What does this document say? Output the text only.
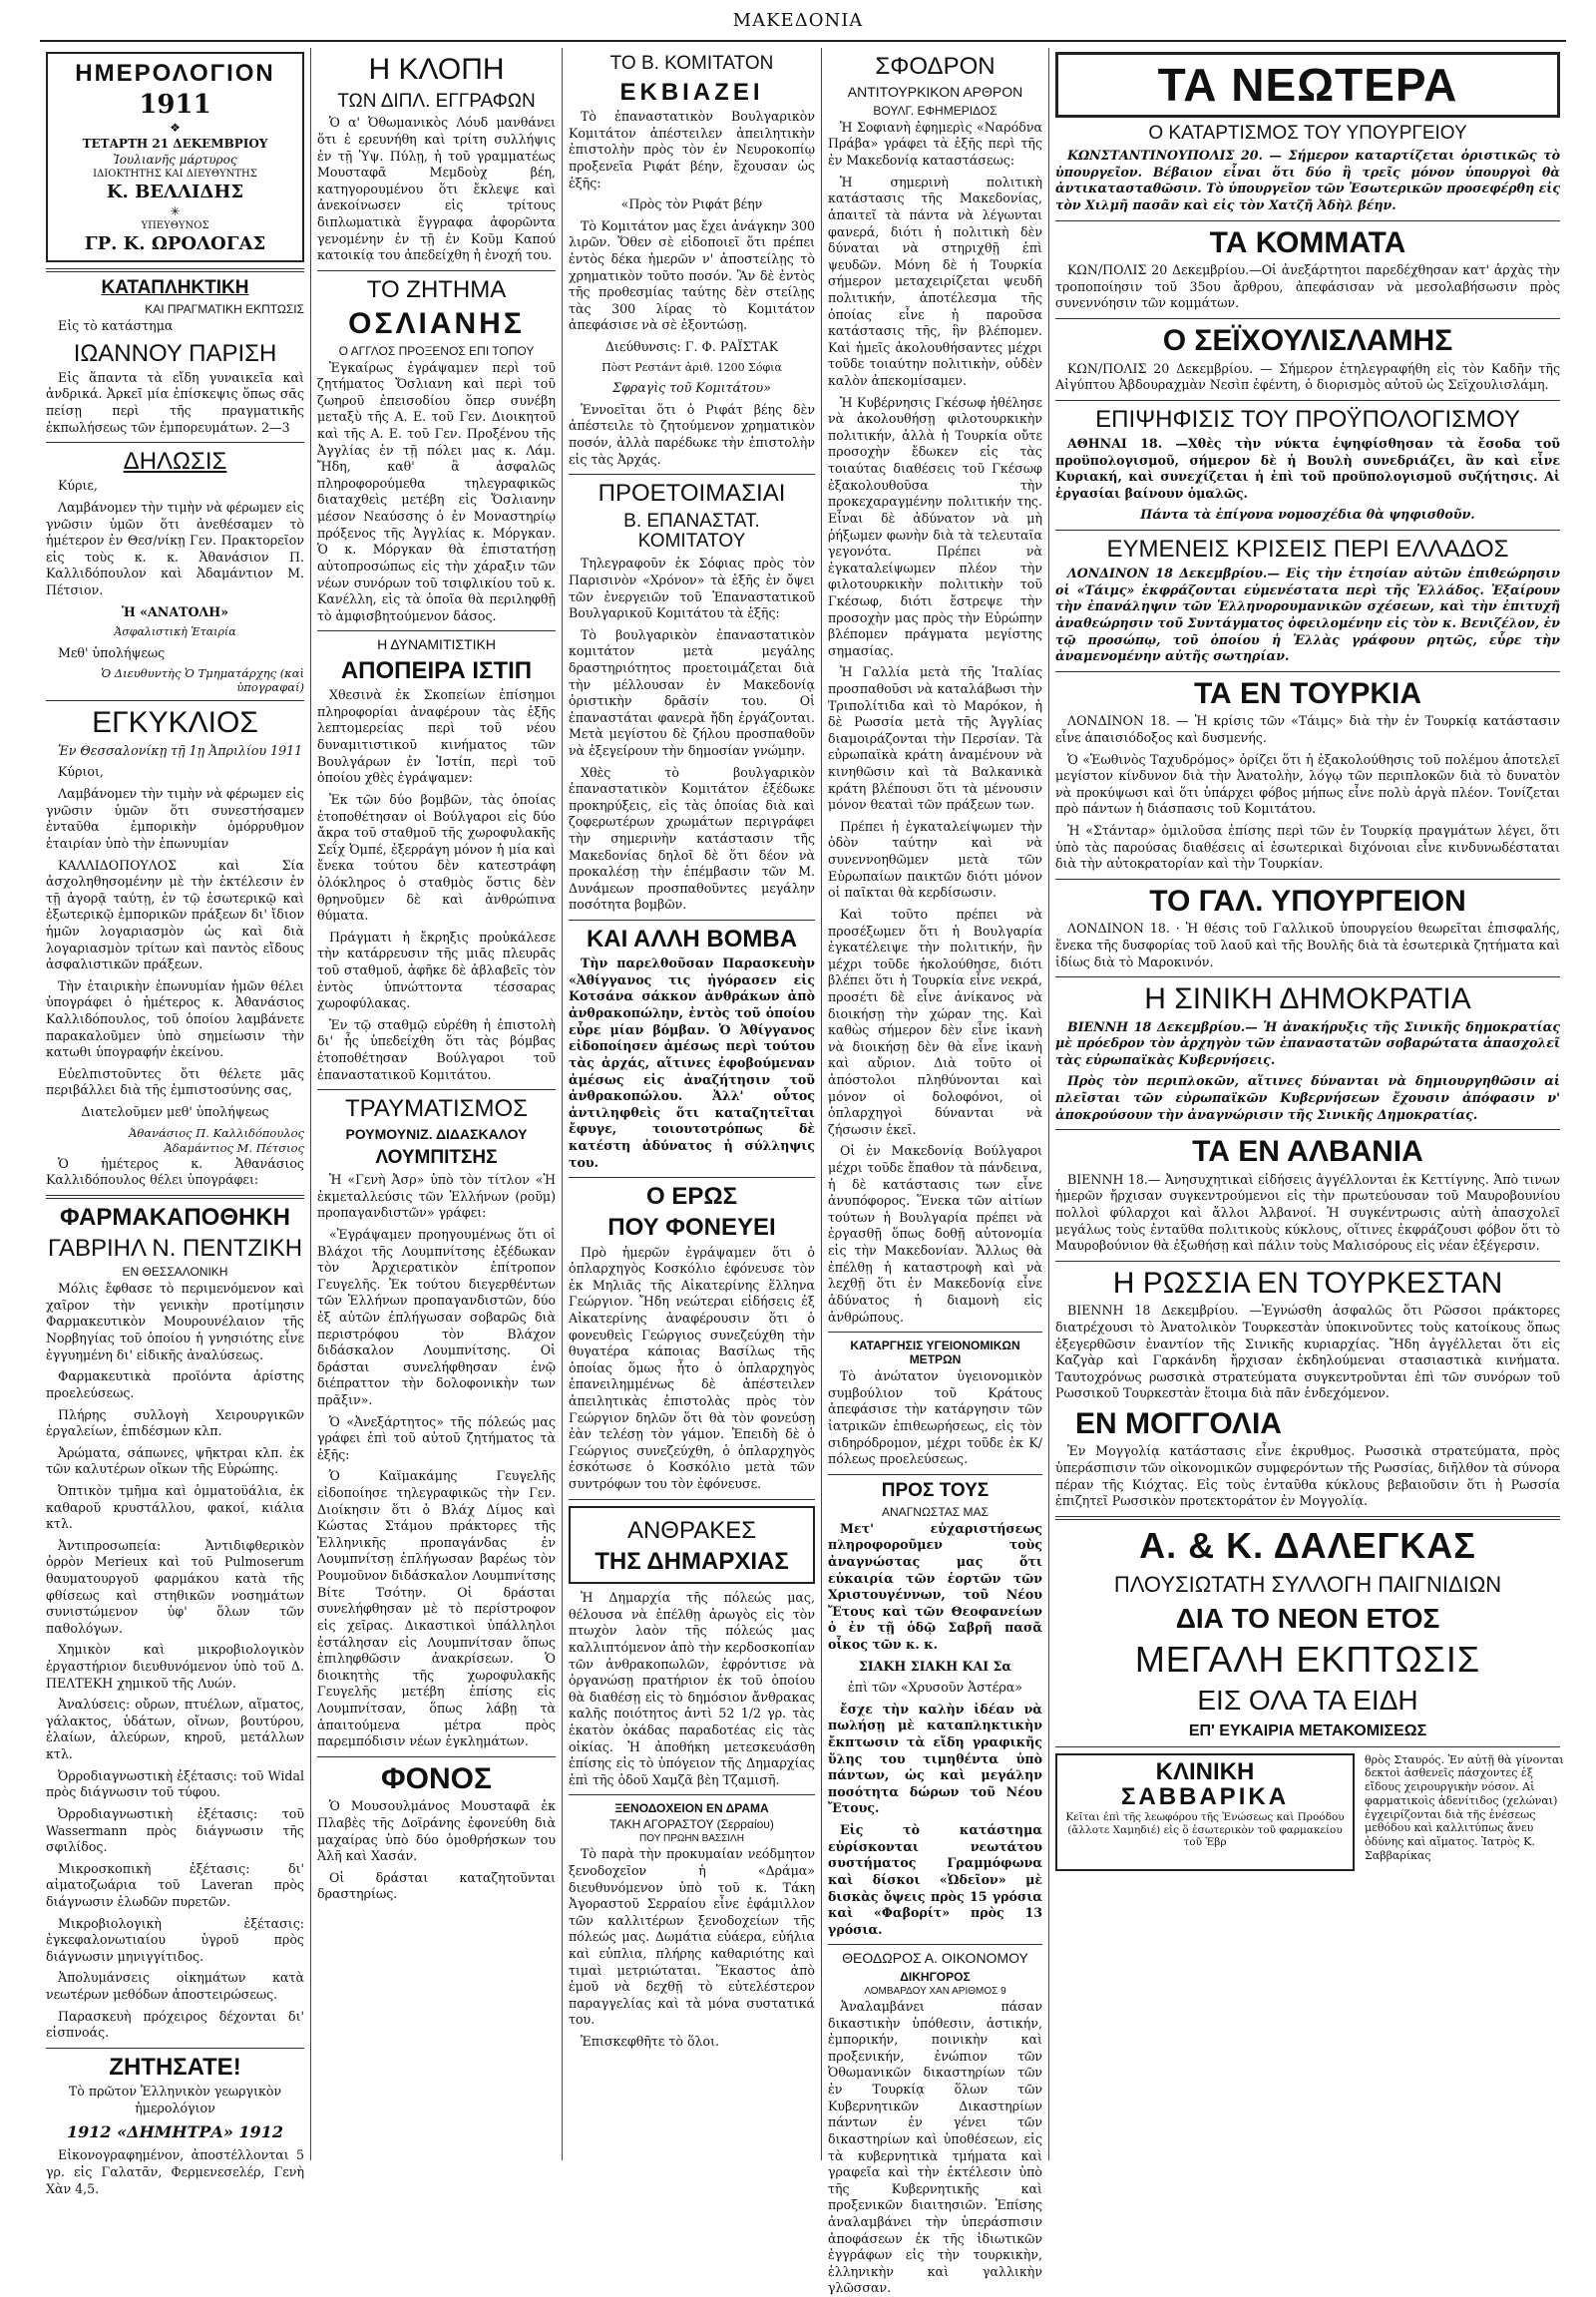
ΜΑΚΕΔΟΝΙΑ
ΗΜΕΡΟΛΟΓΙΟΝ
1911
❖
ΤΕΤΑΡΤΗ 21 ΔΕΚΕΜΒΡΙΟΥ
Ἰουλιανῆς μάρτυρος
ΙΔΙΟΚΤΗΤΗΣ ΚΑΙ ΔΙΕΥΘΥΝΤΗΣ
Κ. ΒΕΛΛΙΔΗΣ
✳
ΥΠΕΥΘΥΝΟΣ
ΓΡ. Κ. ΩΡΟΛΟΓΑΣ
ΚΑΤΑΠΛΗΚΤΙΚΗ
ΚΑΙ ΠΡΑΓΜΑΤΙΚΗ ΕΚΠΤΩΣΙΣ
Εἰς τὸ κατάστημα
ΙΩΑΝΝΟΥ ΠΑΡΙΣΗ
Εἰς ἅπαντα τὰ εἴδη γυναικεῖα καὶ ἀνδρικά. Ἀρκεῖ μία ἐπίσκεψις ὅπως σᾶς πείσῃ περὶ τῆς πραγματικῆς ἐκπωλήσεως τῶν ἐμπορευμάτων. 2—3
ΔΗΛΩΣΙΣ
Κύριε,
Λαμβάνομεν τὴν τιμὴν νὰ φέρωμεν εἰς γνῶσιν ὑμῶν ὅτι ἀνεθέσαμεν τὸ ἡμέτερον ἐν Θεσ/νίκῃ Γεν. Πρακτορεῖον εἰς τοὺς κ. κ. Ἀθανάσιον Π. Καλλιδόπουλον καὶ Ἀδαμάντιον Μ. Πέτσιον.
Ἡ «ΑΝΑΤΟΛΗ»
Ἀσφαλιστικὴ Ἑταιρία
Μεθ' ὑπολήψεως
Ὁ Διευθυντὴς Ὁ Τμηματάρχης (καὶ ὑπογραφαί)
ΕΓΚΥΚΛΙΟΣ
Ἐν Θεσσαλονίκῃ τῇ 1ῃ Ἀπριλίου 1911
Κύριοι,
Λαμβάνομεν τὴν τιμὴν νὰ φέρωμεν εἰς γνῶσιν ὑμῶν ὅτι συνεστήσαμεν ἐνταῦθα ἐμπορικὴν ὁμόρρυθμον ἑταιρίαν ὑπὸ τὴν ἐπωνυμίαν
ΚΑΛΛΙΔΟΠΟΥΛΟΣ καὶ Σία ἀσχοληθησομένην μὲ τὴν ἐκτέλεσιν ἐν τῇ ἀγορᾷ ταύτῃ, ἐν τῷ ἐσωτερικῷ καὶ ἐξωτερικῷ ἐμπορικῶν πράξεων δι' ἴδιον ἡμῶν λογαριασμὸν ὡς καὶ διὰ λογαριασμὸν τρίτων καὶ παντὸς εἴδους ἀσφαλιστικῶν πράξεων.
Τὴν ἑταιρικὴν ἐπωνυμίαν ἡμῶν θέλει ὑπογράφει ὁ ἡμέτερος κ. Ἀθανάσιος Καλλιδόπουλος, τοῦ ὁποίου λαμβάνετε παρακαλοῦμεν ὑπὸ σημείωσιν τὴν κατωθι ὑπογραφήν ἐκείνου.
Εὐελπιστοῦντες ὅτι θέλετε μᾶς περιβάλλει διὰ τῆς ἐμπιστοσύνης σας,
Διατελοῦμεν μεθ' ὑπολήψεως
Ἀθανάσιος Π. Καλλιδόπουλος
Ἀδαμάντιος Μ. Πέτσιος
Ὁ ἡμέτερος κ. Ἀθανάσιος Καλλιδόπουλος θέλει ὑπογράφει:
ΦΑΡΜΑΚΑΠΟΘΗΚΗ
ΓΑΒΡΙΗΛ Ν. ΠΕΝΤΖΙΚΗ
ΕΝ ΘΕΣΣΑΛΟΝΙΚΗ
Μόλις ἔφθασε τὸ περιμενόμενον καὶ χαῖρον τὴν γενικὴν προτίμησιν Φαρμακευτικὸν Μουρουνέλαιον τῆς Νορβηγίας τοῦ ὁποίου ἡ γνησιότης εἶνε ἐγγυημένη δι' εἰδικῆς ἀναλύσεως.
Φαρμακευτικὰ προϊόντα ἀρίστης προελεύσεως.
Πλήρης συλλογὴ Χειρουργικῶν ἐργαλείων, ἐπιδέσμων κλπ.
Ἀρώματα, σάπωνες, ψῆκτραι κλπ. ἐκ τῶν καλυτέρων οἴκων τῆς Εὐρώπης.
Ὀπτικὸν τμῆμα καὶ ὁμματοϋάλια, ἐκ καθαροῦ κρυστάλλου, φακοί, κιάλια κτλ.
Ἀντιπροσωπεία: Ἀντιδιφθερικὸν ὀρρὸν Merieux καὶ τοῦ Pulmoserum θαυματουργοῦ φαρμάκου κατὰ τῆς φθίσεως καὶ στηθικῶν νοσημάτων συνιστώμενον ὑφ' ὅλων τῶν παθολόγων.
Χημικὸν καὶ μικροβιολογικὸν ἐργαστήριον διευθυνόμενον ὑπὸ τοῦ Δ. ΠΕΛΤΕΚΗ χημικοῦ τῆς Λυών.
Ἀναλύσεις: οὔρων, πτυέλων, αἵματος, γάλακτος, ὑδάτων, οἴνων, βουτύρου, ἐλαίων, ἀλεύρων, κηροῦ, μετάλλων κτλ.
Ὀρροδιαγνωστικὴ ἐξέτασις: τοῦ Widal πρὸς διάγνωσιν τοῦ τύφου.
Ὀρροδιαγνωστικὴ ἐξέτασις: τοῦ Wassermann πρὸς διάγνωσιν τῆς σφιλίδος.
Μικροσκοπικὴ ἐξέτασις: δι' αἱματοζωάρια τοῦ Laveran πρὸς διάγνωσιν ἑλωδῶν πυρετῶν.
Μικροβιολογικὴ ἐξέτασις: ἐγκεφαλονωτιαίου ὑγροῦ πρὸς διάγνωσιν μηνιγγίτιδος.
Ἀπολυμάνσεις οἰκημάτων κατὰ νεωτέρων μεθόδων ἀποστειρώσεως.
Παρασκευὴ πρόχειρος δέχονται δι' εἰσπνοάς.
ΖΗΤΗΣΑΤΕ!
Τὸ πρῶτον Ἑλληνικὸν γεωργικὸν ἡμερολόγιον
1912 «ΔΗΜΗΤΡΑ» 1912
Εἰκονογραφημένον, ἀποστέλλονται 5 γρ. εἰς Γαλατᾶν, Φερμενεσελέρ, Γενὴ Χὰν 4,5.
Η ΚΛΟΠΗ
ΤΩΝ ΔΙΠΛ. ΕΓΓΡΑΦΩΝ
Ὁ α' Ὀθωμανικὸς Λόυδ μανθάνει ὅτι ἐ ερευνήθη καὶ τρίτη συλλήψις ἐν τῇ Ὑψ. Πύλῃ, ἡ τοῦ γραμματέως Μουσταφᾶ Μεμδοὺχ βέη, κατηγορουμένου ὅτι ἔκλεψε καὶ ἀνεκοίνωσεν εἰς τρίτους διπλωματικὰ ἔγγραφα ἀφορῶντα γενομένην ἐν τῇ ἐν Κοῦμ Καπού κατοικίᾳ του ἀπεδείχθη ἡ ἐνοχή του.
ΤΟ ΖΗΤΗΜΑ
ΟΣΛΙΑΝΗΣ
Ο ΑΓΓΛΟΣ ΠΡΟΞΕΝΟΣ ΕΠΙ ΤΟΠΟΥ
Ἐγκαίρως ἐγράψαμεν περὶ τοῦ ζητήματος Ὄσλιανη καὶ περὶ τοῦ ζωηροῦ ἐπεισοδίου ὅπερ συνέβη μεταξὺ τῆς Α. Ε. τοῦ Γεν. Διοικητοῦ καὶ τῆς Α. Ε. τοῦ Γεν. Προξένου τῆς Ἀγγλίας ἐν τῇ πόλει μας κ. Λάμ. Ἤδη, καθ' ἃ ἀσφαλῶς πληροφορούμεθα τηλεγραφικῶς διαταχθεὶς μετέβη εἰς Ὄσλιανην μέσον Νεαύσσης ὁ ἐν Μοναστηρίῳ πρόξενος τῆς Ἀγγλίας κ. Μόργκαν. Ὁ κ. Μόργκαν θὰ ἐπιστατήσῃ αὐτοπροσώπως εἰς τὴν χάραξιν τῶν νέων συνόρων τοῦ τσιφλικίου τοῦ κ. Κανέλλη, εἰς τὰ ὁποῖα θὰ περιληφθῇ τὸ ἀμφισβητούμενον δάσος.
Η ΔΥΝΑΜΙΤΙΣΤΙΚΗ
ΑΠΟΠΕΙΡΑ ΙΣΤΙΠ
Χθεσινὰ ἐκ Σκοπείων ἐπίσημοι πληροφορίαι ἀναφέρουν τὰς ἑξῆς λεπτομερείας περὶ τοῦ νέου δυναμιτιστικοῦ κινήματος τῶν Βουλγάρων ἐν Ἰστίπ, περὶ τοῦ ὁποίου χθὲς ἐγράψαμεν:
Ἐκ τῶν δύο βομβῶν, τὰς ὁποίας ἐτοποθέτησαν οἱ Βούλγαροι εἰς δύο ἄκρα τοῦ σταθμοῦ τῆς χωροφυλακῆς Σεΐχ Ὀμπέ, ἐξερράγη μόνον ἡ μία καὶ ἔνεκα τούτου δὲν κατεστράφη ὁλόκληρος ὁ σταθμὸς ὅστις δὲν θρηνοῦμεν δὲ καὶ ἀνθρώπινα θύματα.
Πράγματι ἡ ἔκρηξις προὐκάλεσε τὴν κατάρρευσιν τῆς μιᾶς πλευρᾶς τοῦ σταθμοῦ, ἀφῆκε δὲ ἀβλαβεῖς τὸν ἐντὸς ὑπνώττοντα τέσσαρας χωροφύλακας.
Ἐν τῷ σταθμῷ εὑρέθη ἡ ἐπιστολὴ δι' ἧς ὑπεδείχθη ὅτι τὰς βόμβας ἐτοποθέτησαν Βούλγαροι τοῦ ἐπαναστατικοῦ Κομιτάτου.
ΤΡΑΥΜΑΤΙΣΜΟΣ
ΡΟΥΜΟΥΝΙΖ. ΔΙΔΑΣΚΑΛΟΥ
ΛΟΥΜΠΙΤΣΗΣ
Ἡ «Γενὴ Ἀσρ» ὑπὸ τὸν τίτλον «Ἡ ἐκμεταλλεύσις τῶν Ἑλλήνων (ροῦμ) προπαγανδιστῶν» γράφει:
«Ἐγράψαμεν προηγουμένως ὅτι οἱ Βλάχοι τῆς Λουμπνίτσης ἐξέδωκαν τὸν Ἀρχιερατικὸν ἐπίτροπον Γευγελῆς. Ἐκ τούτου διεγερθέντων τῶν Ἑλλήνων προπαγανδιστῶν, δύο ἐξ αὐτῶν ἐπλήγωσαν σοβαρῶς διὰ περιστρόφου τὸν Βλάχον διδάσκαλον Λουμπνίτσης. Οἱ δράσται συνελήφθησαν ἐνῷ διέπραττον τὴν δολοφονικὴν των πρᾶξιν».
Ὁ «Ἀνεξάρτητος» τῆς πόλεώς μας γράφει ἐπὶ τοῦ αὐτοῦ ζητήματος τὰ ἑξῆς:
Ὁ Καϊμακάμης Γευγελῆς εἰδοποίησε τηλεγραφικῶς τὴν Γεν. Διοίκησιν ὅτι ὁ Βλάχ Δίμος καὶ Κώστας Στάμου πράκτορες τῆς Ἑλληνικῆς προπαγάνδας ἐν Λουμπνίτσῃ ἐπλήγωσαν βαρέως τὸν Ρουμοῦνον διδάσκαλον Λουμπνίτσης Βίτε Τσότην. Οἱ δράσται συνελήφθησαν μὲ τὸ περίστροφον εἰς χεῖρας. Δικαστικοὶ ὑπάλληλοι ἐστάλησαν εἰς Λουμπνίτσαν ὅπως ἐπιληφθῶσιν ἀνακρίσεων. Ὁ διοικητὴς τῆς χωροφυλακῆς Γευγελῆς μετέβη ἐπίσης εἰς Λουμπνίτσαν, ὅπως λάβῃ τὰ ἀπαιτούμενα μέτρα πρὸς παρεμπόδισιν νέων ἐγκλημάτων.
ΦΟΝΟΣ
Ὁ Μουσουλμάνος Μουσταφᾶ ἐκ Πλαβὲς τῆς Δοϊράνης ἐφονεύθη διὰ μαχαίρας ὑπὸ δύο ὁμοθρήσκων του Ἀλῆ καὶ Χασάν.
Οἱ δράσται καταζητοῦνται δραστηρίως.
ΤΟ Β. ΚΟΜΙΤΑΤΟΝ
ΕΚΒΙΑΖΕΙ
Τὸ ἐπαναστατικὸν Βουλγαρικὸν Κομιτάτον ἀπέστειλεν ἀπειλητικὴν ἐπιστολὴν πρὸς τὸν ἐν Νευροκοπίῳ προξενεῖα Ριφάτ βέην, ἔχουσαν ὡς ἑξῆς:
«Πρὸς τὸν Ριφάτ βέην
Τὸ Κομιτάτον μας ἔχει ἀνάγκην 300 λιρῶν. Ὅθεν σὲ εἰδοποιεῖ ὅτι πρέπει ἐντὸς δέκα ἡμερῶν ν' ἀποστείλῃς τὸ χρηματικὸν τοῦτο ποσόν. Ἂν δὲ ἐντὸς τῆς προθεσμίας ταύτης δὲν στείλῃς τὰς 300 λίρας τὸ Κομιτάτον ἀπεφάσισε νὰ σὲ ἐξοντώσῃ.
Διεύθυνσις: Γ. Φ. ΡΑΪΣΤΑΚ
Πὸστ Ρεστάντ ἀριθ. 1200 Σόφια
Σφραγὶς τοῦ Κομιτάτου»
Ἐννοεῖται ὅτι ὁ Ριφάτ βέης δὲν ἀπέστειλε τὸ ζητούμενον χρηματικὸν ποσόν, ἀλλὰ παρέδωκε τὴν ἐπιστολὴν εἰς τὰς Ἀρχάς.
ΠΡΟΕΤΟΙΜΑΣΙΑΙ
Β. ΕΠΑΝΑΣΤΑΤ. ΚΟΜΙΤΑΤΟΥ
Τηλεγραφοῦν ἐκ Σόφιας πρὸς τὸν Παρισινὸν «Χρόνον» τὰ ἑξῆς ἐν ὄψει τῶν ἐνεργειῶν τοῦ Ἐπαναστατικοῦ Βουλγαρικοῦ Κομιτάτου τὰ ἑξῆς:
Τὸ βουλγαρικὸν ἐπαναστατικὸν κομιτάτον μετὰ μεγάλης δραστηριότητος προετοιμάζεται διὰ τὴν μέλλουσαν ἐν Μακεδονίᾳ ὁριστικὴν δρᾶσίν του. Οἱ ἐπαναστάται φανερὰ ἤδη ἐργάζονται. Μετὰ μεγίστου δὲ ζήλου προσπαθοῦν νὰ ἐξεγείρουν τὴν δημοσίαν γνώμην.
Χθὲς τὸ βουλγαρικὸν ἐπαναστατικὸν Κομιτάτον ἐξέδωκε προκηρύξεις, εἰς τὰς ὁποίας διὰ καὶ ζοφερωτέρων χρωμάτων περιγράφει τὴν σημερινὴν κατάστασιν τῆς Μακεδονίας δηλοῖ δὲ ὅτι δέον νὰ προκαλέσῃ τὴν ἐπέμβασιν τῶν Μ. Δυνάμεων προσπαθοῦντες μεγάλην ποσότητα βομβῶν.
ΚΑΙ ΑΛΛΗ ΒΟΜΒΑ
Τὴν παρελθοῦσαν Παρασκευὴν «Ἀθίγγανος τις ἠγόρασεν εἰς Κοτσάνα σάκκον ἀνθράκων ἀπὸ ἀνθρακοπώλην, ἐντὸς τοῦ ὁποίου εὗρε μίαν βόμβαν. Ὁ Ἀθίγγανος εἰδοποίησεν ἀμέσως περὶ τούτου τὰς ἀρχάς, αἵτινες ἐφοβούμεναν ἀμέσως εἰς ἀναζήτησιν τοῦ ἀνθρακοπώλου. Ἀλλ' οὗτος ἀντιληφθεὶς ὅτι καταζητεῖται ἔφυγε, τοιουτοτρόπως δὲ κατέστη ἀδύνατος ἡ σύλληψις του.
Ο ΕΡΩΣ
ΠΟΥ ΦΟΝΕΥΕΙ
Πρὸ ἡμερῶν ἐγράψαμεν ὅτι ὁ ὁπλαρχηγὸς Κοσκόλιο ἐφόνευσε τὸν ἐκ Μηλιᾶς τῆς Αἰκατερίνης ἕλληνα Γεώργιον. Ἤδη νεώτεραι εἰδήσεις ἐξ Αἰκατερίνης ἀναφέρουσιν ὅτι ὁ φονευθεὶς Γεώργιος συνεζεύχθη τὴν θυγατέρα κάποιας Βασίλως τῆς ὁποίας ὅμως ἦτο ὁ ὁπλαρχηγὸς ἐπανειλημμένως δὲ ἀπέστειλεν ἀπειλητικὰς ἐπιστολὰς πρὸς τὸν Γεώργιον δηλῶν ὅτι θὰ τὸν φονεύσῃ ἐὰν τελέσῃ τὸν γάμον. Ἐπειδὴ δὲ ὁ Γεώργιος συνεζεύχθη, ὁ ὁπλαρχηγὸς ἐσκότωσε ὁ Κοσκόλιο μετὰ τῶν συντρόφων του τὸν ἐφόνευσε.
ΑΝΘΡΑΚΕΣ
ΤΗΣ ΔΗΜΑΡΧΙΑΣ
Ἡ Δημαρχία τῆς πόλεώς μας, θέλουσα νὰ ἐπέλθῃ ἀρωγὸς εἰς τὸν πτωχὸν λαὸν τῆς πόλεώς μας καλλιπτόμενον ἀπὸ τὴν κερδοσκοπίαν τῶν ἀνθρακοπωλῶν, ἐφρόντισε νὰ ὀργανώσῃ πρατήριον ἐκ τοῦ ὁποίου θὰ διαθέσῃ εἰς τὸ δημόσιον ἄνθρακας καλῆς ποιότητος ἀντὶ 52 1/2 γρ. τὰς ἑκατὸν ὀκάδας παραδοτέας εἰς τὰς οἰκίας. Ἡ ἀποθήκη μετεσκευάσθη ἐπίσης εἰς τὸ ὑπόγειον τῆς Δημαρχίας ἐπὶ τῆς ὁδοῦ Χαμζᾶ βὲη Τζαμισῆ.
ΞΕΝΟΔΟΧΕΙΟΝ ΕΝ ΔΡΑΜΑ
ΤΑΚΗ ΑΓΟΡΑΣΤΟΥ (Σερραίου)
ΠΟΥ ΠΡΩΗΝ ΒΑΣΣΙΛΗ
Τὸ παρὰ τὴν προκυμαίαν νεόδμητον ξενοδοχεῖον ἡ «Δράμα» διευθυνόμενον ὑπὸ τοῦ κ. Τάκη Ἀγοραστοῦ Σερραίου εἶνε ἐφάμιλλον τῶν καλλιτέρων ξενοδοχείων τῆς πόλεώς μας. Δωμάτια εὐάερα, εὐήλια καὶ εὐπλια, πλήρης καθαριότης καὶ τιμαὶ μετριώταται. Ἕκαστος ἀπὸ ἐμοῦ νὰ δεχθῇ τὸ εὐτελέστερον παραγγελίας καὶ τὰ μόνα συστατικά του.
Ἐπισκεφθῆτε τὸ ὅλοι.
ΣΦΟΔΡΟΝ
ΑΝΤΙΤΟΥΡΚΙΚΟΝ ΑΡΘΡΟΝ
ΒΟΥΛΓ. ΕΦΗΜΕΡΙΔΟΣ
Ἡ Σοφιανὴ ἐφημερὶς «Ναρόδνα Πράβα» γράφει τὰ ἑξῆς περὶ τῆς ἐν Μακεδονίᾳ καταστάσεως:
Ἡ σημερινὴ πολιτικὴ κατάστασις τῆς Μακεδονίας, ἀπαιτεῖ τὰ πάντα νὰ λέγωνται φανερά, διότι ἡ πολιτικὴ δὲν δύναται νὰ στηριχθῇ ἐπὶ ψευδῶν. Μόνη δὲ ἡ Τουρκία σήμερον μεταχειρίζεται ψευδῆ πολιτικήν, ἀποτέλεσμα τῆς ὁποίας εἶνε ἡ παροῦσα κατάστασις τῆς, ἣν βλέπομεν. Καὶ ἡμεῖς ἀκολουθήσαντες μέχρι τοῦδε τοιαύτην πολιτικὴν, οὐδὲν καλὸν ἀπεκομίσαμεν.
Ἡ Κυβέρνησις Γκέσωφ ἠθέλησε νὰ ἀκολουθήσῃ φιλοτουρκικὴν πολιτικήν, ἀλλὰ ἡ Τουρκία οὔτε προσοχὴν ἔδωκεν εἰς τὰς τοιαύτας διαθέσεις τοῦ Γκέσωφ ἐξακολουθοῦσα τὴν προκεχαραγμένην πολιτικήν της. Εἶναι δὲ ἀδύνατον νὰ μὴ ῥήξωμεν φωνὴν διὰ τὰ τελευταῖα γεγονότα. Πρέπει νὰ ἐγκαταλείψωμεν πλέον τὴν φιλοτουρκικὴν πολιτικὴν τοῦ Γκέσωφ, διότι ἔστρεψε τὴν προσοχὴν μας πρὸς τὴν Εὐρώπην βλέπομεν πράγματα μεγίστης σημασίας.
Ἡ Γαλλία μετὰ τῆς Ἰταλίας προσπαθοῦσι νὰ καταλάβωσι τὴν Τριπολίτιδα καὶ τὸ Μαρόκον, ἡ δὲ Ρωσσία μετὰ τῆς Ἀγγλίας διαμοιράζονται τὴν Περσίαν. Τὰ εὐρωπαϊκὰ κράτη ἀναμένουν νὰ κινηθῶσιν καὶ τὰ Βαλκανικὰ κράτη βλέπουσι ὅτι τὰ μένουσιν μόνον θεαταὶ τῶν πράξεων των.
Πρέπει ἡ ἐγκαταλείψωμεν τὴν ὁδὸν ταύτην καὶ νὰ συνεννοηθῶμεν μετὰ τῶν Εὐρωπαίων παικτῶν διότι μόνον οἱ παῖκται θὰ κερδίσωσιν.
Καὶ τοῦτο πρέπει νὰ προσέξωμεν ὅτι ἡ Βουλγαρία ἐγκατέλειψε τὴν πολιτικήν, ἣν μέχρι τοῦδε ἠκολούθησε, διότι βλέπει ὅτι ἡ Τουρκία εἶνε νεκρά, προσέτι δὲ εἶνε ἀνίκανος νὰ διοικήσῃ τὴν χώραν της. Καὶ καθὼς σήμερον δὲν εἶνε ἱκανὴ νὰ διοικήσῃ δὲν θὰ εἶνε ἱκανὴ καὶ αὔριον. Διὰ τοῦτο οἱ ἀπόστολοι πληθύνονται καὶ μόνον οἱ δολοφόνοι, οἱ ὁπλαρχηγοὶ δύνανται νὰ ζήσωσιν ἐκεῖ.
Οἱ ἐν Μακεδονίᾳ Βούλγαροι μέχρι τοῦδε ἔπαθον τὰ πάνδεινα, ἡ δὲ κατάστασις των εἶνε ἀνυπόφορος. Ἕνεκα τῶν αἰτίων τούτων ἡ Βουλγαρία πρέπει νὰ ἐργασθῇ ὅπως δοθῇ αὐτονομία εἰς τὴν Μακεδονίαν. Ἄλλως θὰ ἐπέλθῃ ἡ καταστροφὴ καὶ νὰ λεχθῇ ὅτι ἐν Μακεδονίᾳ εἶνε ἀδύνατος ἡ διαμονὴ εἰς ἀνθρώπους.
ΚΑΤΑΡΓΗΣΙΣ ΥΓΕΙΟΝΟΜΙΚΩΝ ΜΕΤΡΩΝ
Τὸ ἀνώτατον ὑγειονομικὸν συμβούλιον τοῦ Κράτους ἀπεφάσισε τὴν κατάργησιν τῶν ἰατρικῶν ἐπιθεωρήσεως, εἰς τὸν σιδηρόδρομον, μέχρι τοῦδε ἐκ Κ/πόλεως προελεύσεως.
ΠΡΟΣ ΤΟΥΣ
ΑΝΑΓΝΩΣΤΑΣ ΜΑΣ
Μετ' εὐχαριστήσεως πληροφοροῦμεν τοὺς ἀναγνώστας μας ὅτι εὐκαιρία τῶν ἑορτῶν τῶν Χριστουγέννων, τοῦ Νέου Ἔτους καὶ τῶν Θεοφανείων ὁ ἐν τῇ ὁδῷ Σαβρῆ πασᾶ οἶκος τῶν κ. κ.
ΣΙΑΚΗ ΣΙΑΚΗ ΚΑΙ Σα
ἐπὶ τῶν «Χρυσοῦν Ἀστέρα»
ἔσχε τὴν καλὴν ἰδέαν νὰ πωλήσῃ μὲ καταπληκτικὴν ἔκπτωσιν τὰ εἴδη γραφικῆς ὕλης του τιμηθέντα ὑπὸ πάντων, ὡς καὶ μεγάλην ποσότητα δώρων τοῦ Νέου Ἔτους.
Εἰς τὸ κατάστημα εὑρίσκονται νεωτάτου συστήματος Γραμμόφωνα καὶ δίσκοι «Ὠδεῖον» μὲ δισκὰς ὄψεις πρὸς 15 γρόσια καὶ «Φαβορίτ» πρὸς 13 γρόσια.
ΘΕΟΔΩΡΟΣ Α. ΟΙΚΟΝΟΜΟΥ
ΔΙΚΗΓΟΡΟΣ
ΛΟΜΒΑΡΔΟΥ ΧΑΝ ΑΡΙΘΜΟΣ 9
Ἀναλαμβάνει πάσαν δικαστικὴν ὑπόθεσιν, ἀστικήν, ἐμπορικήν, ποινικὴν καὶ προξενικήν, ἐνώπιον τῶν Ὀθωμανικῶν δικαστηρίων τῶν ἐν Τουρκίᾳ ὅλων τῶν Κυβερνητικῶν Δικαστηρίων πάντων ἐν γένει τῶν δικαστηρίων καὶ ὑποθέσεων, εἰς τὰ κυβερνητικὰ τμήματα καὶ γραφεῖα καὶ τὴν ἐκτέλεσιν ὑπὸ τῆς Κυβερνητικῆς καὶ προξενικῶν διαιτησιῶν. Ἐπίσης ἀναλαμβάνει τὴν ὑπεράσπισιν ἀποφάσεων ἐκ τῆς ἰδιωτικῶν ἐγγράφων εἰς τὴν τουρκικὴν, ἑλληνικὴν καὶ γαλλικὴν γλῶσσαν.
ΤΑ ΝΕΩΤΕΡΑ
Ο ΚΑΤΑΡΤΙΣΜΟΣ ΤΟΥ ΥΠΟΥΡΓΕΙΟΥ
ΚΩΝΣΤΑΝΤΙΝΟΥΠΟΛΙΣ 20. — Σήμερον καταρτίζεται ὁριστικῶς τὸ ὑπουργεῖον. Βέβαιον εἶναι ὅτι δύο ἢ τρεῖς μόνον ὑπουργοὶ θὰ ἀντικατασταθῶσιν. Τὸ ὑπουργεῖον τῶν Ἐσωτερικῶν προσεφέρθη εἰς τὸν Χιλμῆ πασᾶν καὶ εἰς τὸν Χατζῆ Ἀδὴλ βέην.
ΤΑ ΚΟΜΜΑΤΑ
ΚΩΝ/ΠΟΛΙΣ 20 Δεκεμβρίου.—Οἱ ἀνεξάρτητοι παρεδέχθησαν κατ' ἀρχὰς τὴν τροποποίησιν τοῦ 35ου ἄρθρου, ἀπεφάσισαν νὰ μεσολαβήσωσιν πρὸς συνεννόησιν τῶν κομμάτων.
Ο ΣΕΪΧΟΥΛΙΣΛΑΜΗΣ
ΚΩΝ/ΠΟΛΙΣ 20 Δεκεμβρίου. — Σήμερον ἐτηλεγραφήθη εἰς τὸν Καδῆν τῆς Αἰγύπτου Ἀβδουραχμὰν Νεσὶπ ἐφέντη, ὁ διορισμὸς αὐτοῦ ὡς Σεϊχουλισλάμη.
ΕΠΙΨΗΦΙΣΙΣ ΤΟΥ ΠΡΟΫΠΟΛΟΓΙΣΜΟΥ
ΑΘΗΝΑΙ 18. —Χθὲς τὴν νύκτα ἐψηφίσθησαν τὰ ἔσοδα τοῦ προϋπολογισμοῦ, σήμερον δὲ ἡ Βουλὴ συνεδριάζει, ἂν καὶ εἶνε Κυριακή, καὶ συνεχίζεται ἡ ἐπὶ τοῦ προϋπολογισμοῦ συζήτησις. Αἱ ἐργασίαι βαίνουν ὁμαλῶς.
Πάντα τὰ ἐπίγονα νομοσχέδια θὰ ψηφισθοῦν.
ΕΥΜΕΝΕΙΣ ΚΡΙΣΕΙΣ ΠΕΡΙ ΕΛΛΑΔΟΣ
ΛΟΝΔΙΝΟΝ 18 Δεκεμβρίου.— Εἰς τὴν ἑτησίαν αὐτῶν ἐπιθεώρησιν οἱ «Τάιμς» ἐκφράζονται εὐμενέστατα περὶ τῆς Ἑλλάδος. Ἐξαίρουν τὴν ἐπανάληψιν τῶν Ἑλληνορουμανικῶν σχέσεων, καὶ τὴν ἐπιτυχῆ ἀναθεώρησιν τοῦ Συντάγματος ὀφειλομένην εἰς τὸν κ. Βενιζέλον, ἐν τῷ προσώπῳ, τοῦ ὁποίου ἡ Ἑλλὰς γράφουν ρητῶς, εὗρε τὴν ἀναμενομένην αὐτῆς σωτηρίαν.
ΤΑ ΕΝ ΤΟΥΡΚΙΑ
ΛΟΝΔΙΝΟΝ 18. — Ἡ κρίσις τῶν «Τάιμς» διὰ τὴν ἐν Τουρκίᾳ κατάστασιν εἶνε ἀπαισιόδοξος καὶ δυσμενής.
Ὁ «Ἑωθινὸς Ταχυδρόμος» ὁρίζει ὅτι ἡ ἐξακολούθησις τοῦ πολέμου ἀποτελεῖ μεγίστον κίνδυνον διὰ τὴν Ἀνατολὴν, λόγῳ τῶν περιπλοκῶν διὰ τὸ δυνατὸν νὰ προκύψωσι καὶ ὅτι ὑπάρχει φόβος μήπως εἶνε πολὺ ἀργὰ πλέον. Τονίζεται πρὸ πάντων ἡ διάσπασις τοῦ Κομιτάτου.
Ἡ «Στάνταρ» ὁμιλοῦσα ἐπίσης περὶ τῶν ἐν Τουρκίᾳ πραγμάτων λέγει, ὅτι ὑπὸ τὰς παρούσας διαθέσεις αἱ ἐσωτερικαὶ διχόνοιαι εἶνε κινδυνωδέσταται διὰ τὴν αὐτοκρατορίαν καὶ τὴν Τουρκίαν.
ΤΟ ΓΑΛ. ΥΠΟΥΡΓΕΙΟΝ
ΛΟΝΔΙΝΟΝ 18. · Ἡ θέσις τοῦ Γαλλικοῦ ὑπουργείου θεωρεῖται ἐπισφαλής, ἕνεκα τῆς δυσφορίας τοῦ λαοῦ καὶ τῆς Βουλῆς διὰ τὰ ἐσωτερικὰ ζητήματα καὶ ἰδίως διὰ τὸ Μαροκινόν.
Η ΣΙΝΙΚΗ ΔΗΜΟΚΡΑΤΙΑ
ΒΙΕΝΝΗ 18 Δεκεμβρίου.— Ἡ ἀνακήρυξις τῆς Σινικῆς δημοκρατίας μὲ πρόεδρον τὸν ἀρχηγὸν τῶν ἐπαναστατῶν σοβαρώτατα ἀπασχολεῖ τὰς εὐρωπαϊκὰς Κυβερνήσεις.
Πρὸς τὸν περιπλοκῶν, αἵτινες δύνανται νὰ δημιουργηθῶσιν αἱ πλεῖσται τῶν εὐρωπαϊκῶν Κυβερνήσεων ἔχουσιν ἀπόφασιν ν' ἀποκρούσουν τὴν ἀναγνώρισιν τῆς Σινικῆς Δημοκρατίας.
ΤΑ ΕΝ ΑΛΒΑΝΙΑ
ΒΙΕΝΝΗ 18.— Ἀνησυχητικαὶ εἰδήσεις ἀγγέλλονται ἐκ Κεττίγνης. Ἀπὸ τινων ἡμερῶν ἤρχισαν συγκεντρούμενοι εἰς τὴν πρωτεύουσαν τοῦ Μαυροβουνίου πολλοὶ φύλαρχοι καὶ ἄλλοι Ἀλβανοί. Ἡ συγκέντρωσις αὐτὴ ἀπασχολεῖ μεγάλως τοὺς ἐνταῦθα πολιτικοὺς κύκλους, οἵτινες ἐκφράζουσι φόβον ὅτι τὸ Μαυροβούνιον θὰ ἐξωθήσῃ καὶ πάλιν τοὺς Μαλισόρους εἰς νέαν ἐξέγερσιν.
Η ΡΩΣΣΙΑ ΕΝ ΤΟΥΡΚΕΣΤΑΝ
ΒΙΕΝΝΗ 18 Δεκεμβρίου. —Ἐγνώσθη ἀσφαλῶς ὅτι Ρῶσσοι πράκτορες διατρέχουσι τὸ Ἀνατολικὸν Τουρκεστὰν ὑποκινοῦντες τοὺς κατοίκους ὅπως ἐξεγερθῶσιν ἐναντίον τῆς Σινικῆς κυριαρχίας. Ἤδη ἀγγέλλεται ὅτι εἰς Καζγὰρ καὶ Γαρκάνδη ἤρχισαν ἐκδηλούμεναι στασιαστικὰ κινήματα. Ταυτοχρόνως ρωσσικὰ στρατεύματα συγκεντροῦνται ἐπὶ τῶν συνόρων τοῦ Ρωσσικοῦ Τουρκεστὰν ἕτοιμα διὰ πᾶν ἐνδεχόμενον.
ΕΝ ΜΟΓΓΟΛΙΑ
Ἐν Μογγολίᾳ κατάστασις εἶνε ἐκρυθμος. Ρωσσικὰ στρατεύματα, πρὸς ὑπεράσπισιν τῶν οἰκονομικῶν συμφερόντων τῆς Ρωσσίας, διῆλθον τὰ σύνορα πέραν τῆς Κιόχτας. Εἰς τοὺς ἐνταῦθα κύκλους βεβαιοῦσιν ὅτι ἡ Ρωσσία ἐπιζητεῖ Ρωσσικὸν προτεκτοράτον ἐν Μογγολίᾳ.
Α. & Κ. ΔΑΛΕΓΚΑΣ
ΠΛΟΥΣΙΩΤΑΤΗ ΣΥΛΛΟΓΗ ΠΑΙΓΝΙΔΙΩΝ
ΔΙΑ ΤΟ ΝΕΟΝ ΕΤΟΣ
ΜΕΓΑΛΗ ΕΚΠΤΩΣΙΣ
ΕΙΣ ΟΛΑ ΤΑ ΕΙΔΗ
ΕΠ' ΕΥΚΑΙΡΙΑ ΜΕΤΑΚΟΜΙΣΕΩΣ
ΚΛΙΝΙΚΗ
ΣΑΒΒΑΡΙΚΑ
Κεῖται ἐπὶ τῆς λεωφόρου τῆς Ἐνώσεως καὶ Προόδου (ἄλλοτε Χαμηδιέ) εἰς ὃ ἐσωτερικὸν τοῦ φαρμακείου τοῦ Ἐβρ
θρὸς Σταυρός. Ἐν αὐτῇ θὰ γίνονται δεκτοὶ ἀσθενεῖς πάσχοντες ἐξ εἴδους χειρουργικὴν νόσον. Αἱ φαρματικοὶς ἀδενίτιδος (χελώναι) ἐγχειρίζονται διὰ τῆς ἐνέσεως μεθόδου καὶ καλλιτύπως ἄνευ ὁδύνης καὶ αἵματος. Ἰατρὸς Κ. Σαββαρίκας
